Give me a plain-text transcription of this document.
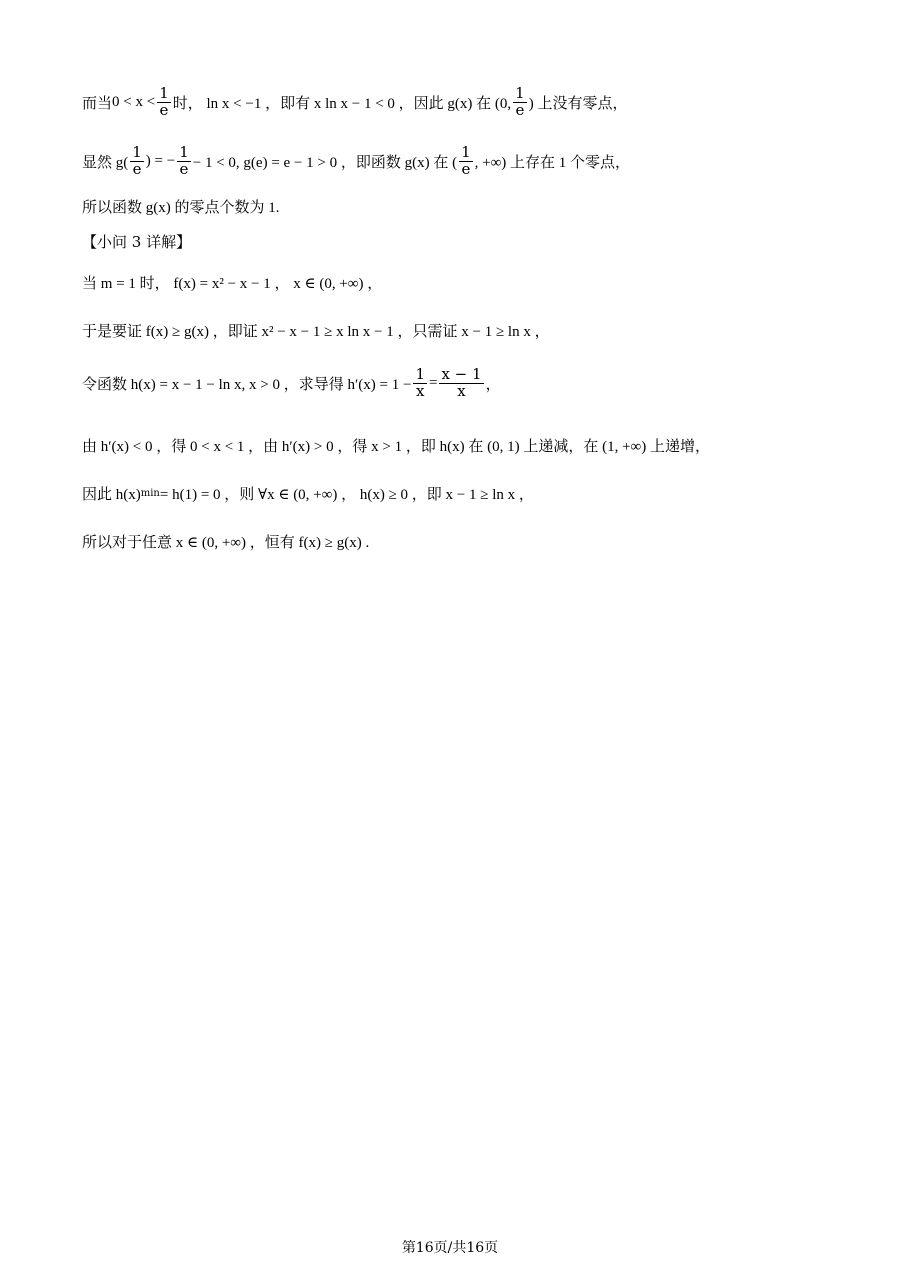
而当 $0 < x < \frac{1}{e}$ 时， ln x < −1 ，即有 x ln x − 1 < 0 ，因此 g(x) 在 (0, $\frac{1}{e}$ ) 上没有零点，
显然 $g( \frac{1}{e}$ ) = − $\frac{1}{e} - 1 < 0$, g(e) = e − 1 > 0 ，即函数 g(x) 在 ( $\frac{1}{e}$ , +∞) 上存在 1 个零点，
所以函数 g(x) 的零点个数为 1.
【小问 3 详解】
当 m = 1 时， f(x) = x² − x − 1 ， x ∈ (0, +∞) ，
于是要证 f(x) ≥ g(x) ，即证 x² − x − 1 ≥ x ln x − 1 ，只需证 x − 1 ≥ ln x ，
令函数 h(x) = x − 1 − ln x, x > 0 ，求导得 $h'(x) = 1 - \frac{1}{x} = \frac{x - 1}{x}$ ，
由 h′(x) < 0 ，得 0 < x < 1 ，由 h′(x) > 0 ，得 x > 1 ，即 h(x) 在 (0, 1) 上递减，在 (1, +∞) 上递增，
因此 h(x) min = h(1) = 0 ，则 ∀x ∈ (0, +∞) ， h(x) ≥ 0 ，即 x − 1 ≥ ln x ，
所以对于任意 x ∈ (0, +∞) ，恒有 f(x) ≥ g(x) .
第16页/共16页
